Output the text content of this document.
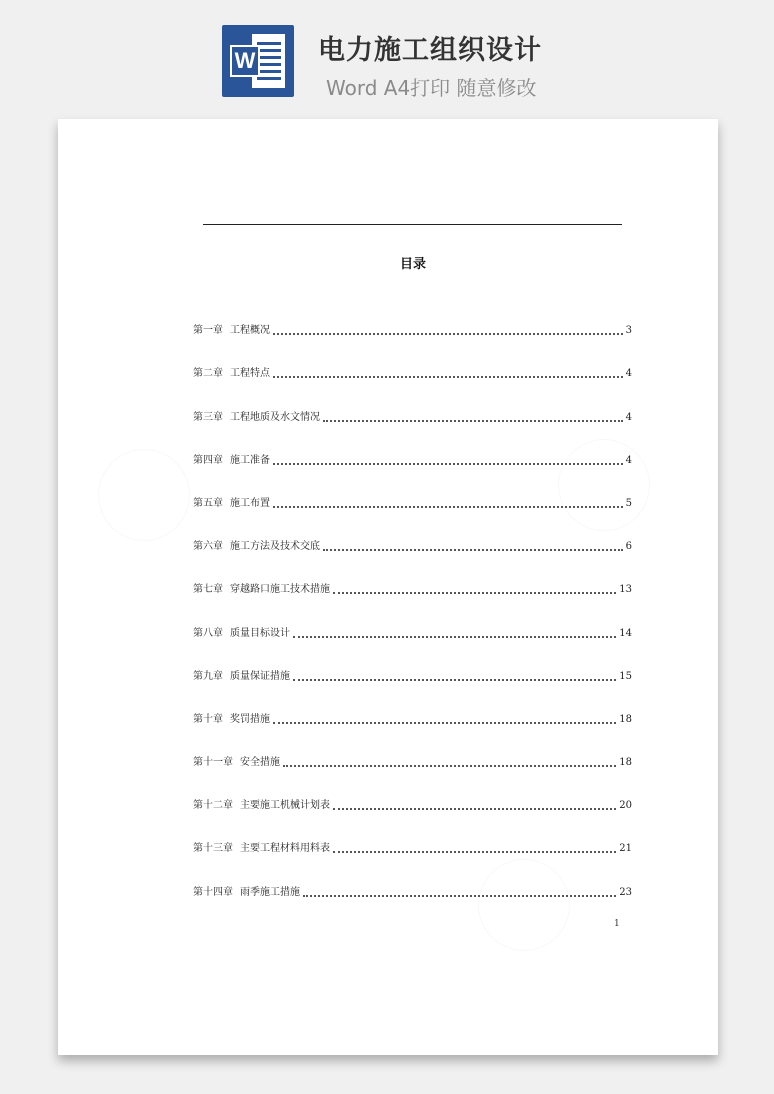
W 电力施工组织设计
Word A4打印 随意修改
目录
第一章 工程概况	3
第二章 工程特点	4
第三章 工程地质及水文情况	4
第四章 施工准备	4
第五章 施工布置	5
第六章 施工方法及技术交底	6
第七章 穿越路口施工技术措施	13
第八章 质量目标设计	14
第九章 质量保证措施	15
第十章 奖罚措施	18
第十一章 安全措施	18
第十二章 主要施工机械计划表	20
第十三章 主要工程材料用料表	21
第十四章 雨季施工措施	23
1
